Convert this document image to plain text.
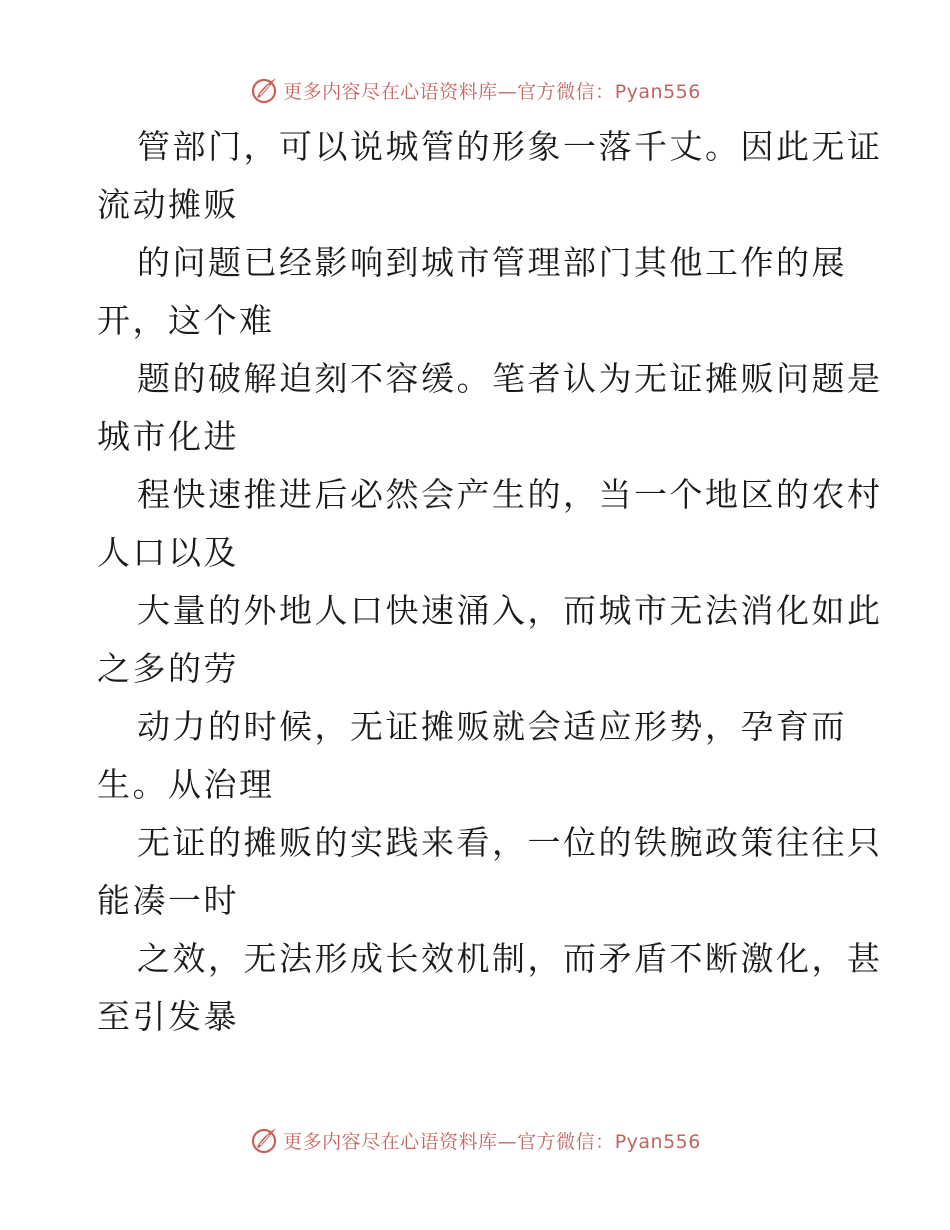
更多内容尽在心语资料库—官方微信：Pyan556
管部门，可以说城管的形象一落千丈。因此无证
流动摊贩
的问题已经影响到城市管理部门其他工作的展
开，这个难
题的破解迫刻不容缓。笔者认为无证摊贩问题是
城市化进
程快速推进后必然会产生的，当一个地区的农村
人口以及
大量的外地人口快速涌入，而城市无法消化如此
之多的劳
动力的时候，无证摊贩就会适应形势，孕育而
生。从治理
无证的摊贩的实践来看，一位的铁腕政策往往只
能凑一时
之效，无法形成长效机制，而矛盾不断激化，甚
至引发暴
更多内容尽在心语资料库—官方微信：Pyan556
